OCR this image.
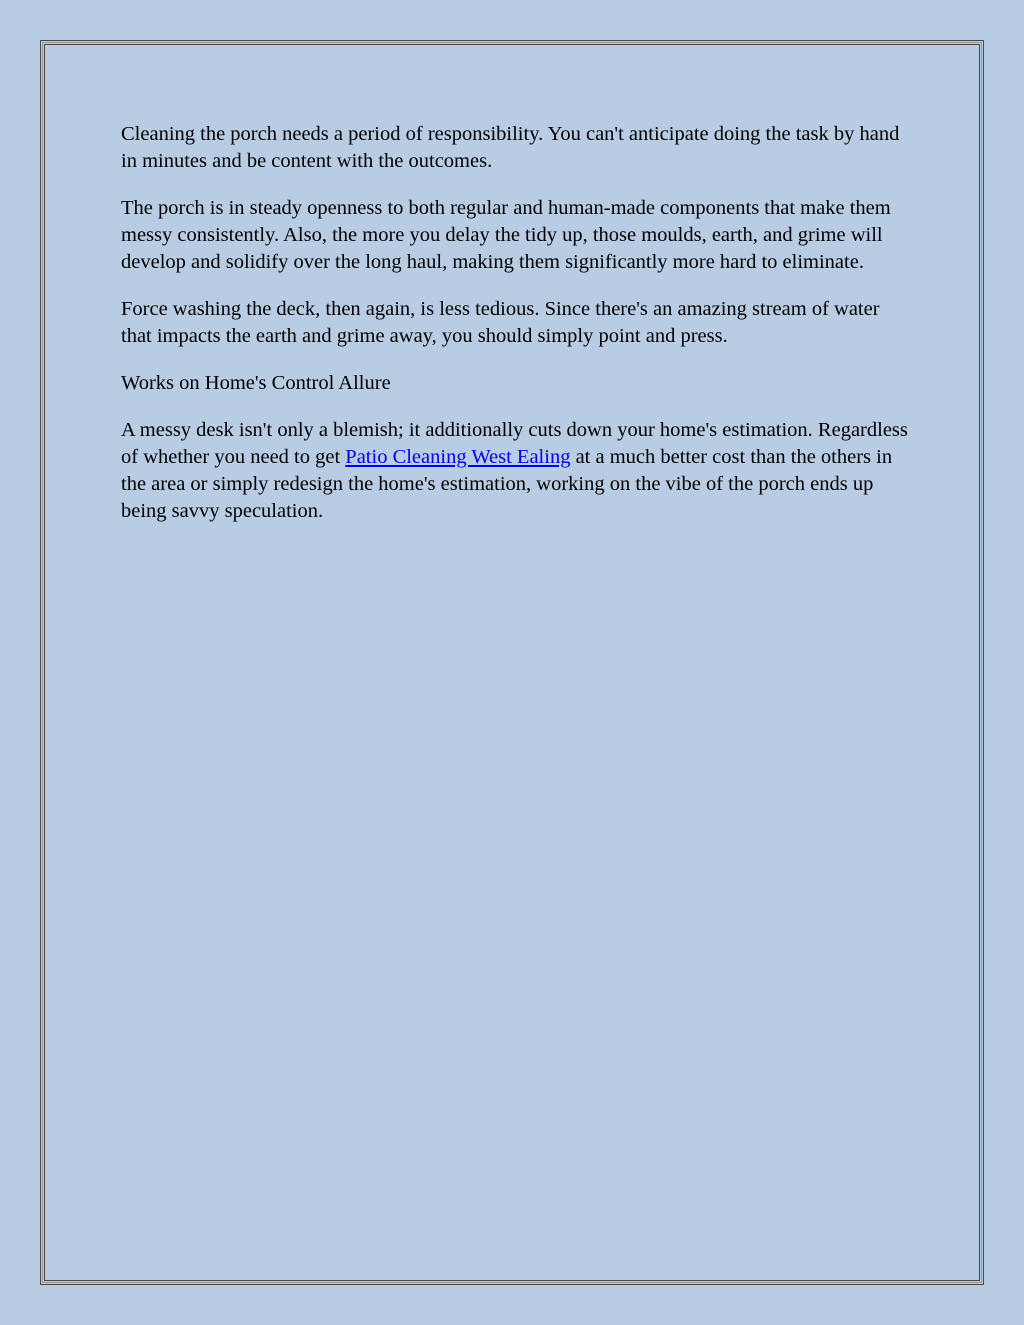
Cleaning the porch needs a period of responsibility. You can't anticipate doing the task by hand in minutes and be content with the outcomes.

The porch is in steady openness to both regular and human-made components that make them messy consistently. Also, the more you delay the tidy up, those moulds, earth, and grime will develop and solidify over the long haul, making them significantly more hard to eliminate.

Force washing the deck, then again, is less tedious. Since there's an amazing stream of water that impacts the earth and grime away, you should simply point and press.

Works on Home's Control Allure

A messy desk isn't only a blemish; it additionally cuts down your home's estimation. Regardless of whether you need to get Patio Cleaning West Ealing at a much better cost than the others in the area or simply redesign the home's estimation, working on the vibe of the porch ends up being savvy speculation.
